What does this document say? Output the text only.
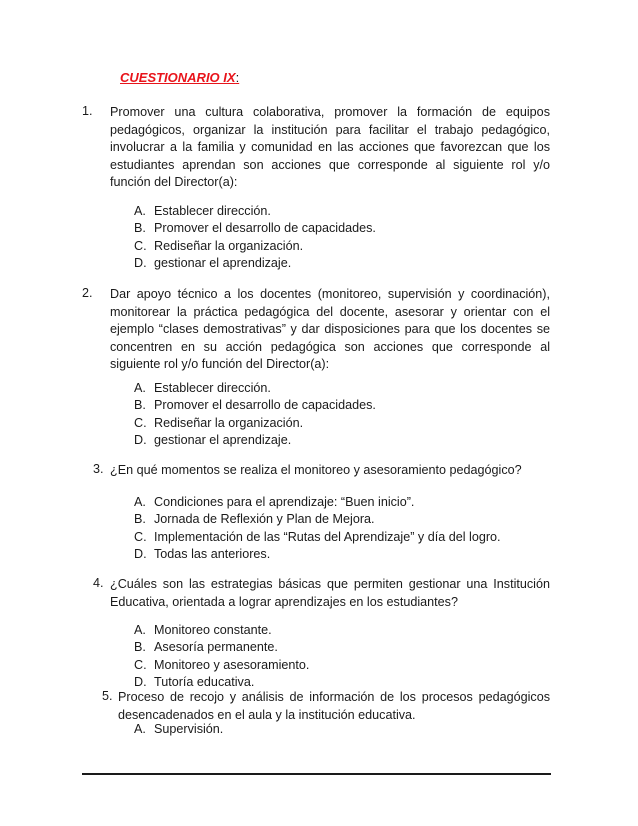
CUESTIONARIO IX:
1. Promover una cultura colaborativa, promover la formación de equipos pedagógicos, organizar la institución para facilitar el trabajo pedagógico, involucrar a la familia y comunidad en las acciones que favorezcan que los estudiantes aprendan son acciones que corresponde al siguiente rol y/o función del Director(a):
A. Establecer dirección.
B. Promover el desarrollo de capacidades.
C. Rediseñar la organización.
D. gestionar el aprendizaje.
2. Dar apoyo técnico a los docentes (monitoreo, supervisión y coordinación), monitorear la práctica pedagógica del docente, asesorar y orientar con el ejemplo “clases demostrativas” y dar disposiciones para que los docentes se concentren en su acción pedagógica son acciones que corresponde al siguiente rol y/o función del Director(a):
A. Establecer dirección.
B. Promover el desarrollo de capacidades.
C. Rediseñar la organización.
D. gestionar el aprendizaje.
3. ¿En qué momentos se realiza el monitoreo y asesoramiento pedagógico?
A. Condiciones para el aprendizaje: “Buen inicio”.
B. Jornada de Reflexión y Plan de Mejora.
C. Implementación de las “Rutas del Aprendizaje” y día del logro.
D. Todas las anteriores.
4. ¿Cuáles son las estrategias básicas que permiten gestionar una Institución Educativa, orientada a lograr aprendizajes en los estudiantes?
A. Monitoreo constante.
B. Asesoría permanente.
C. Monitoreo y asesoramiento.
D. Tutoría educativa.
5. Proceso de recojo y análisis de información de los procesos pedagógicos desencadenados en el aula y la institución educativa.
A. Supervisión.
